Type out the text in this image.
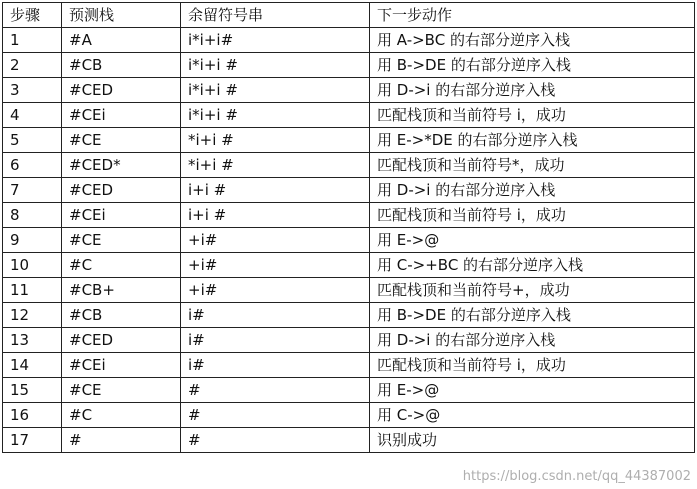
步骤	预测栈	余留符号串	下一步动作
1	#A	i*i+i#	用 A->BC 的右部分逆序入栈
2	#CB	i*i+i #	用 B->DE 的右部分逆序入栈
3	#CED	i*i+i #	用 D->i 的右部分逆序入栈
4	#CEi	i*i+i #	匹配栈顶和当前符号 i，成功
5	#CE	*i+i #	用 E->*DE 的右部分逆序入栈
6	#CED*	*i+i #	匹配栈顶和当前符号*，成功
7	#CED	i+i #	用 D->i 的右部分逆序入栈
8	#CEi	i+i #	匹配栈顶和当前符号 i，成功
9	#CE	+i#	用 E->@
10	#C	+i#	用 C->+BC 的右部分逆序入栈
11	#CB+	+i#	匹配栈顶和当前符号+，成功
12	#CB	i#	用 B->DE 的右部分逆序入栈
13	#CED	i#	用 D->i 的右部分逆序入栈
14	#CEi	i#	匹配栈顶和当前符号 i，成功
15	#CE	#	用 E->@
16	#C	#	用 C->@
17	#	#	识别成功
https://blog.csdn.net/qq_44387002
